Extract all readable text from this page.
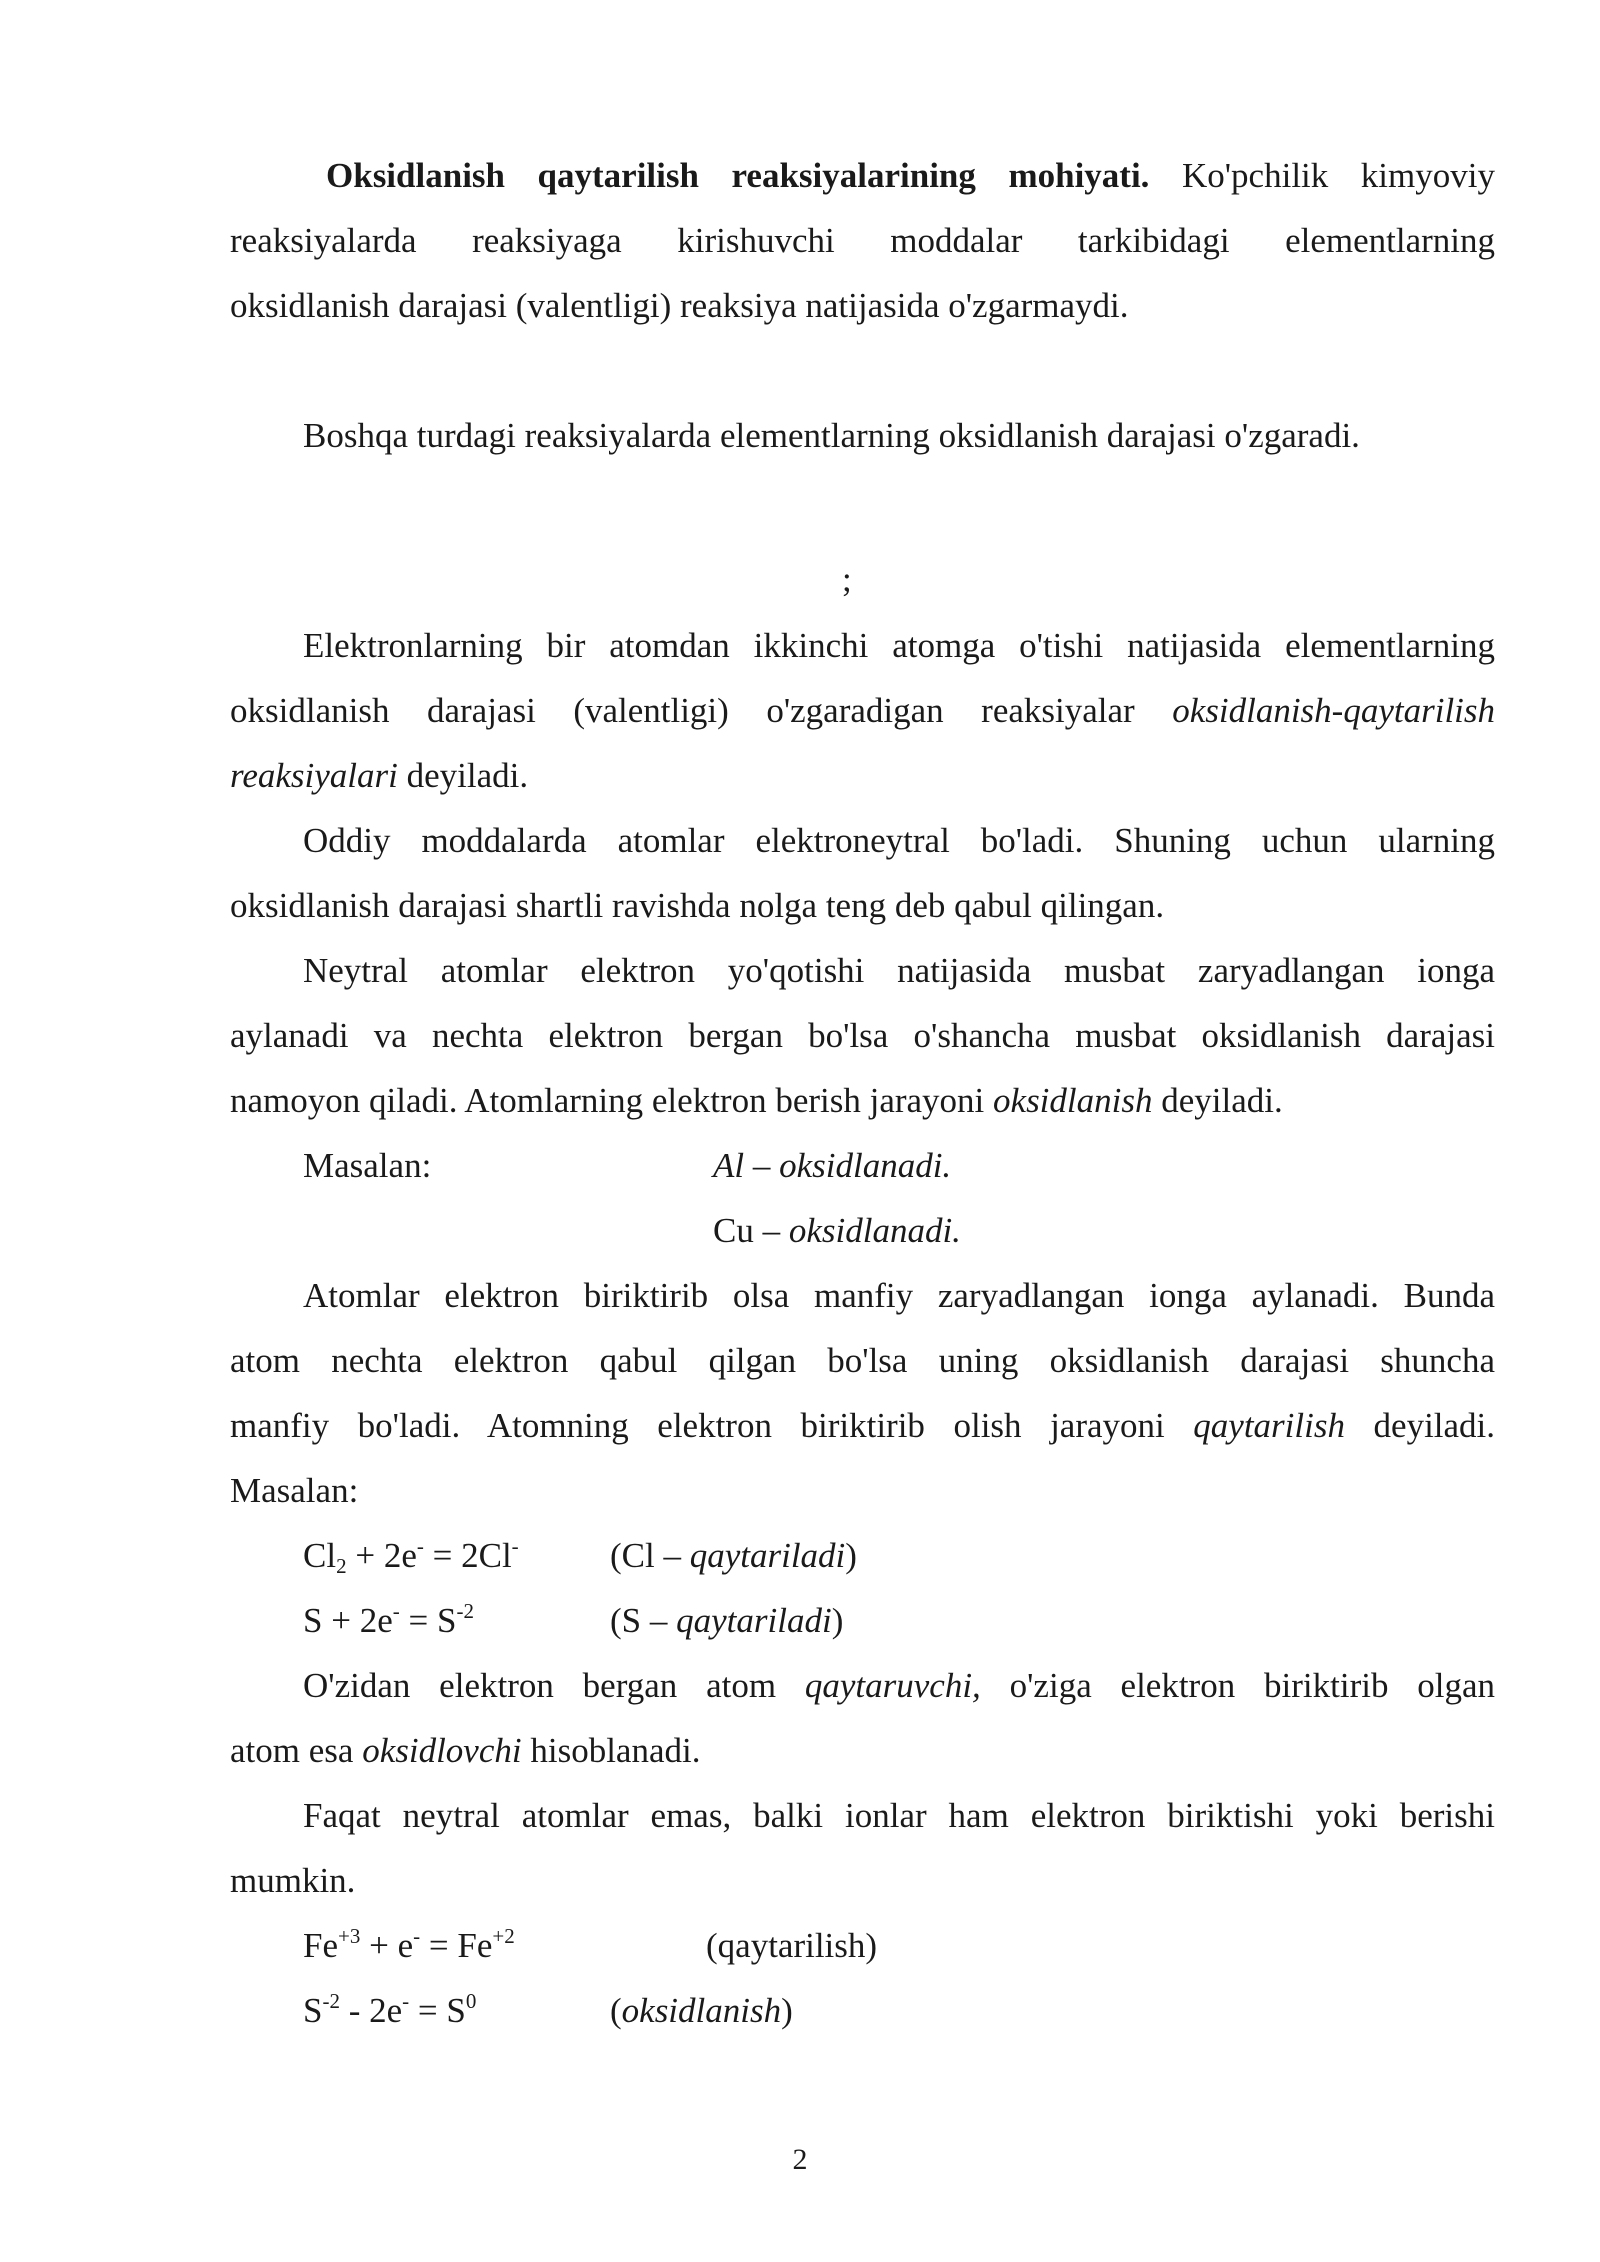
Oksidlanish qaytarilish reaksiyalarining mohiyati. Ko'pchilik kimyoviy
reaksiyalarda reaksiyaga kirishuvchi moddalar tarkibidagi elementlarning
oksidlanish darajasi (valentligi) reaksiya natijasida o'zgarmaydi.
Boshqa turdagi reaksiyalarda elementlarning oksidlanish darajasi o'zgaradi.
;
Elektronlarning bir atomdan ikkinchi atomga o'tishi natijasida elementlarning
oksidlanish darajasi (valentligi) o'zgaradigan reaksiyalar oksidlanish-qaytarilish
reaksiyalari deyiladi.
Oddiy moddalarda atomlar elektroneytral bo'ladi. Shuning uchun ularning
oksidlanish darajasi shartli ravishda nolga teng deb qabul qilingan.
Neytral atomlar elektron yo'qotishi natijasida musbat zaryadlangan ionga
aylanadi va nechta elektron bergan bo'lsa o'shancha musbat oksidlanish darajasi
namoyon qiladi. Atomlarning elektron berish jarayoni oksidlanish deyiladi.
Masalan:	Al – oksidlanadi.
Cu – oksidlanadi.
Atomlar elektron biriktirib olsa manfiy zaryadlangan ionga aylanadi. Bunda
atom nechta elektron qabul qilgan bo'lsa uning oksidlanish darajasi shuncha
manfiy bo'ladi. Atomning elektron biriktirib olish jarayoni qaytarilish deyiladi.
Masalan:
$Cl_2 + 2e^- = 2Cl^-$	(Cl – qaytariladi)
$S + 2e^- = S^{-2}$	(S – qaytariladi)
O'zidan elektron bergan atom qaytaruvchi, o'ziga elektron biriktirib olgan
atom esa oksidlovchi hisoblanadi.
Faqat neytral atomlar emas, balki ionlar ham elektron biriktishi yoki berishi
mumkin.
$Fe^{+3} + e^- = Fe^{+2}$	(qaytarilish)
$S^{-2} - 2e^- = S^0$	(oksidlanish)
2
